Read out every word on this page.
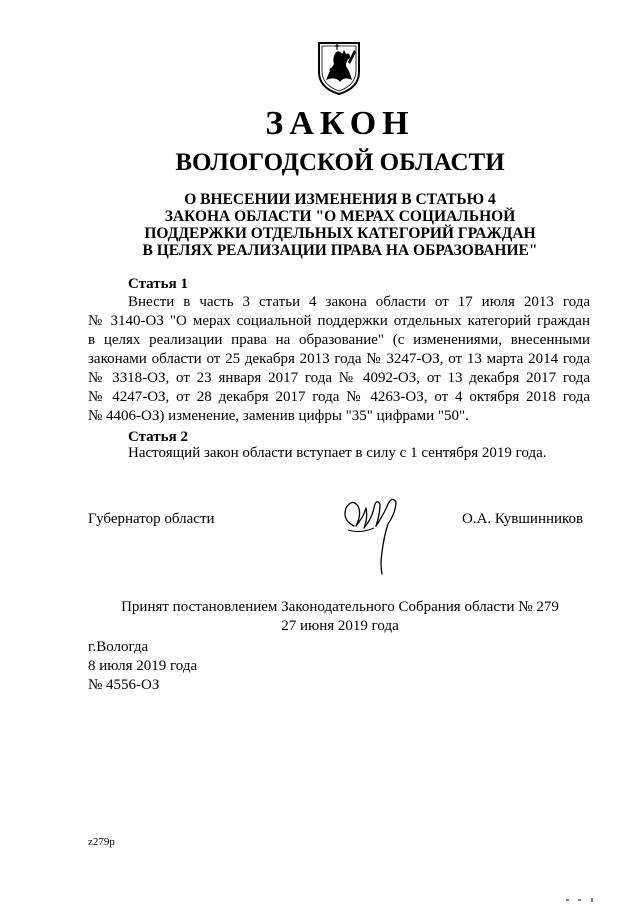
ЗАКОН
ВОЛОГОДСКОЙ ОБЛАСТИ
О ВНЕСЕНИИ ИЗМЕНЕНИЯ В СТАТЬЮ 4
ЗАКОНА ОБЛАСТИ "О МЕРАХ СОЦИАЛЬНОЙ
ПОДДЕРЖКИ ОТДЕЛЬНЫХ КАТЕГОРИЙ ГРАЖДАН
В ЦЕЛЯХ РЕАЛИЗАЦИИ ПРАВА НА ОБРАЗОВАНИЕ"
Статья 1
Внести в часть 3 статьи 4 закона области от 17 июля 2013 года
№ 3140-ОЗ "О мерах социальной поддержки отдельных категорий граждан
в целях реализации права на образование" (с изменениями, внесенными
законами области от 25 декабря 2013 года № 3247-ОЗ, от 13 марта 2014 года
№ 3318-ОЗ, от 23 января 2017 года № 4092-ОЗ, от 13 декабря 2017 года
№ 4247-ОЗ, от 28 декабря 2017 года № 4263-ОЗ, от 4 октября 2018 года
№ 4406-ОЗ) изменение, заменив цифры "35" цифрами "50".
Статья 2
Настоящий закон области вступает в силу с 1 сентября 2019 года.
Губернатор области	О.А. Кувшинников
Принят постановлением Законодательного Собрания области № 279
27 июня 2019 года
г.Вологда
8 июля 2019 года
№ 4556-ОЗ
z279p
